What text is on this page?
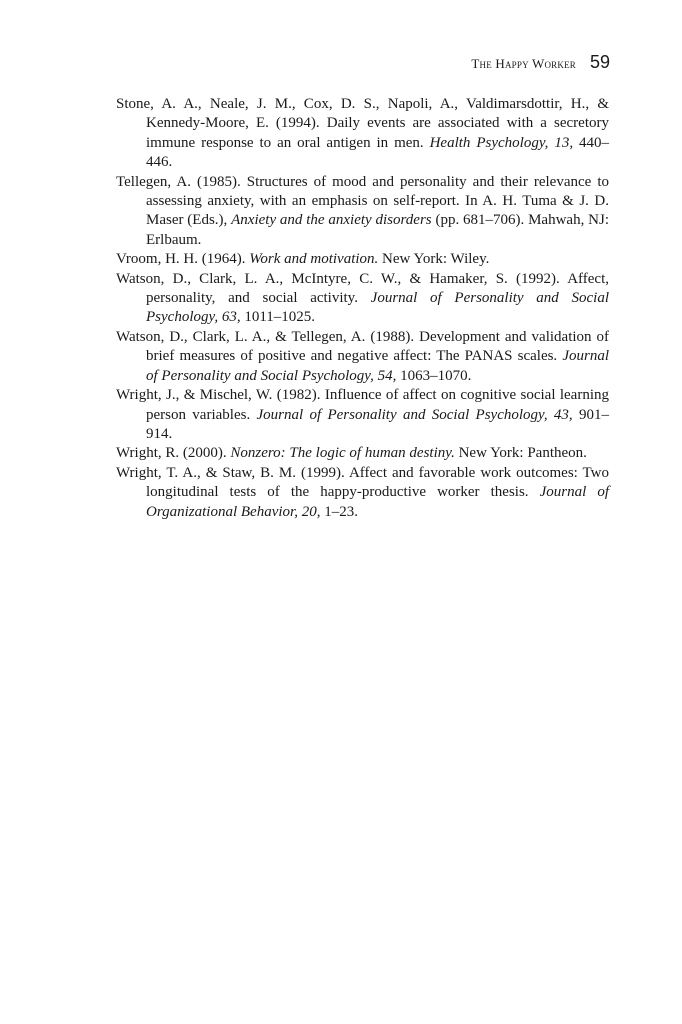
The Happy Worker 59

Stone, A. A., Neale, J. M., Cox, D. S., Napoli, A., Valdimarsdottir, H., & Kennedy-Moore, E. (1994). Daily events are associated with a secretory immune response to an oral antigen in men. Health Psychology, 13, 440–446.

Tellegen, A. (1985). Structures of mood and personality and their relevance to assessing anxiety, with an emphasis on self-report. In A. H. Tuma & J. D. Maser (Eds.), Anxiety and the anxiety disorders (pp. 681–706). Mahwah, NJ: Erlbaum.

Vroom, H. H. (1964). Work and motivation. New York: Wiley.

Watson, D., Clark, L. A., McIntyre, C. W., & Hamaker, S. (1992). Affect, personality, and social activity. Journal of Personality and Social Psychology, 63, 1011–1025.

Watson, D., Clark, L. A., & Tellegen, A. (1988). Development and validation of brief measures of positive and negative affect: The PANAS scales. Journal of Personality and Social Psychology, 54, 1063–1070.

Wright, J., & Mischel, W. (1982). Influence of affect on cognitive social learning person variables. Journal of Personality and Social Psychology, 43, 901–914.

Wright, R. (2000). Nonzero: The logic of human destiny. New York: Pantheon.

Wright, T. A., & Staw, B. M. (1999). Affect and favorable work outcomes: Two longitudinal tests of the happy-productive worker thesis. Journal of Organizational Behavior, 20, 1–23.
